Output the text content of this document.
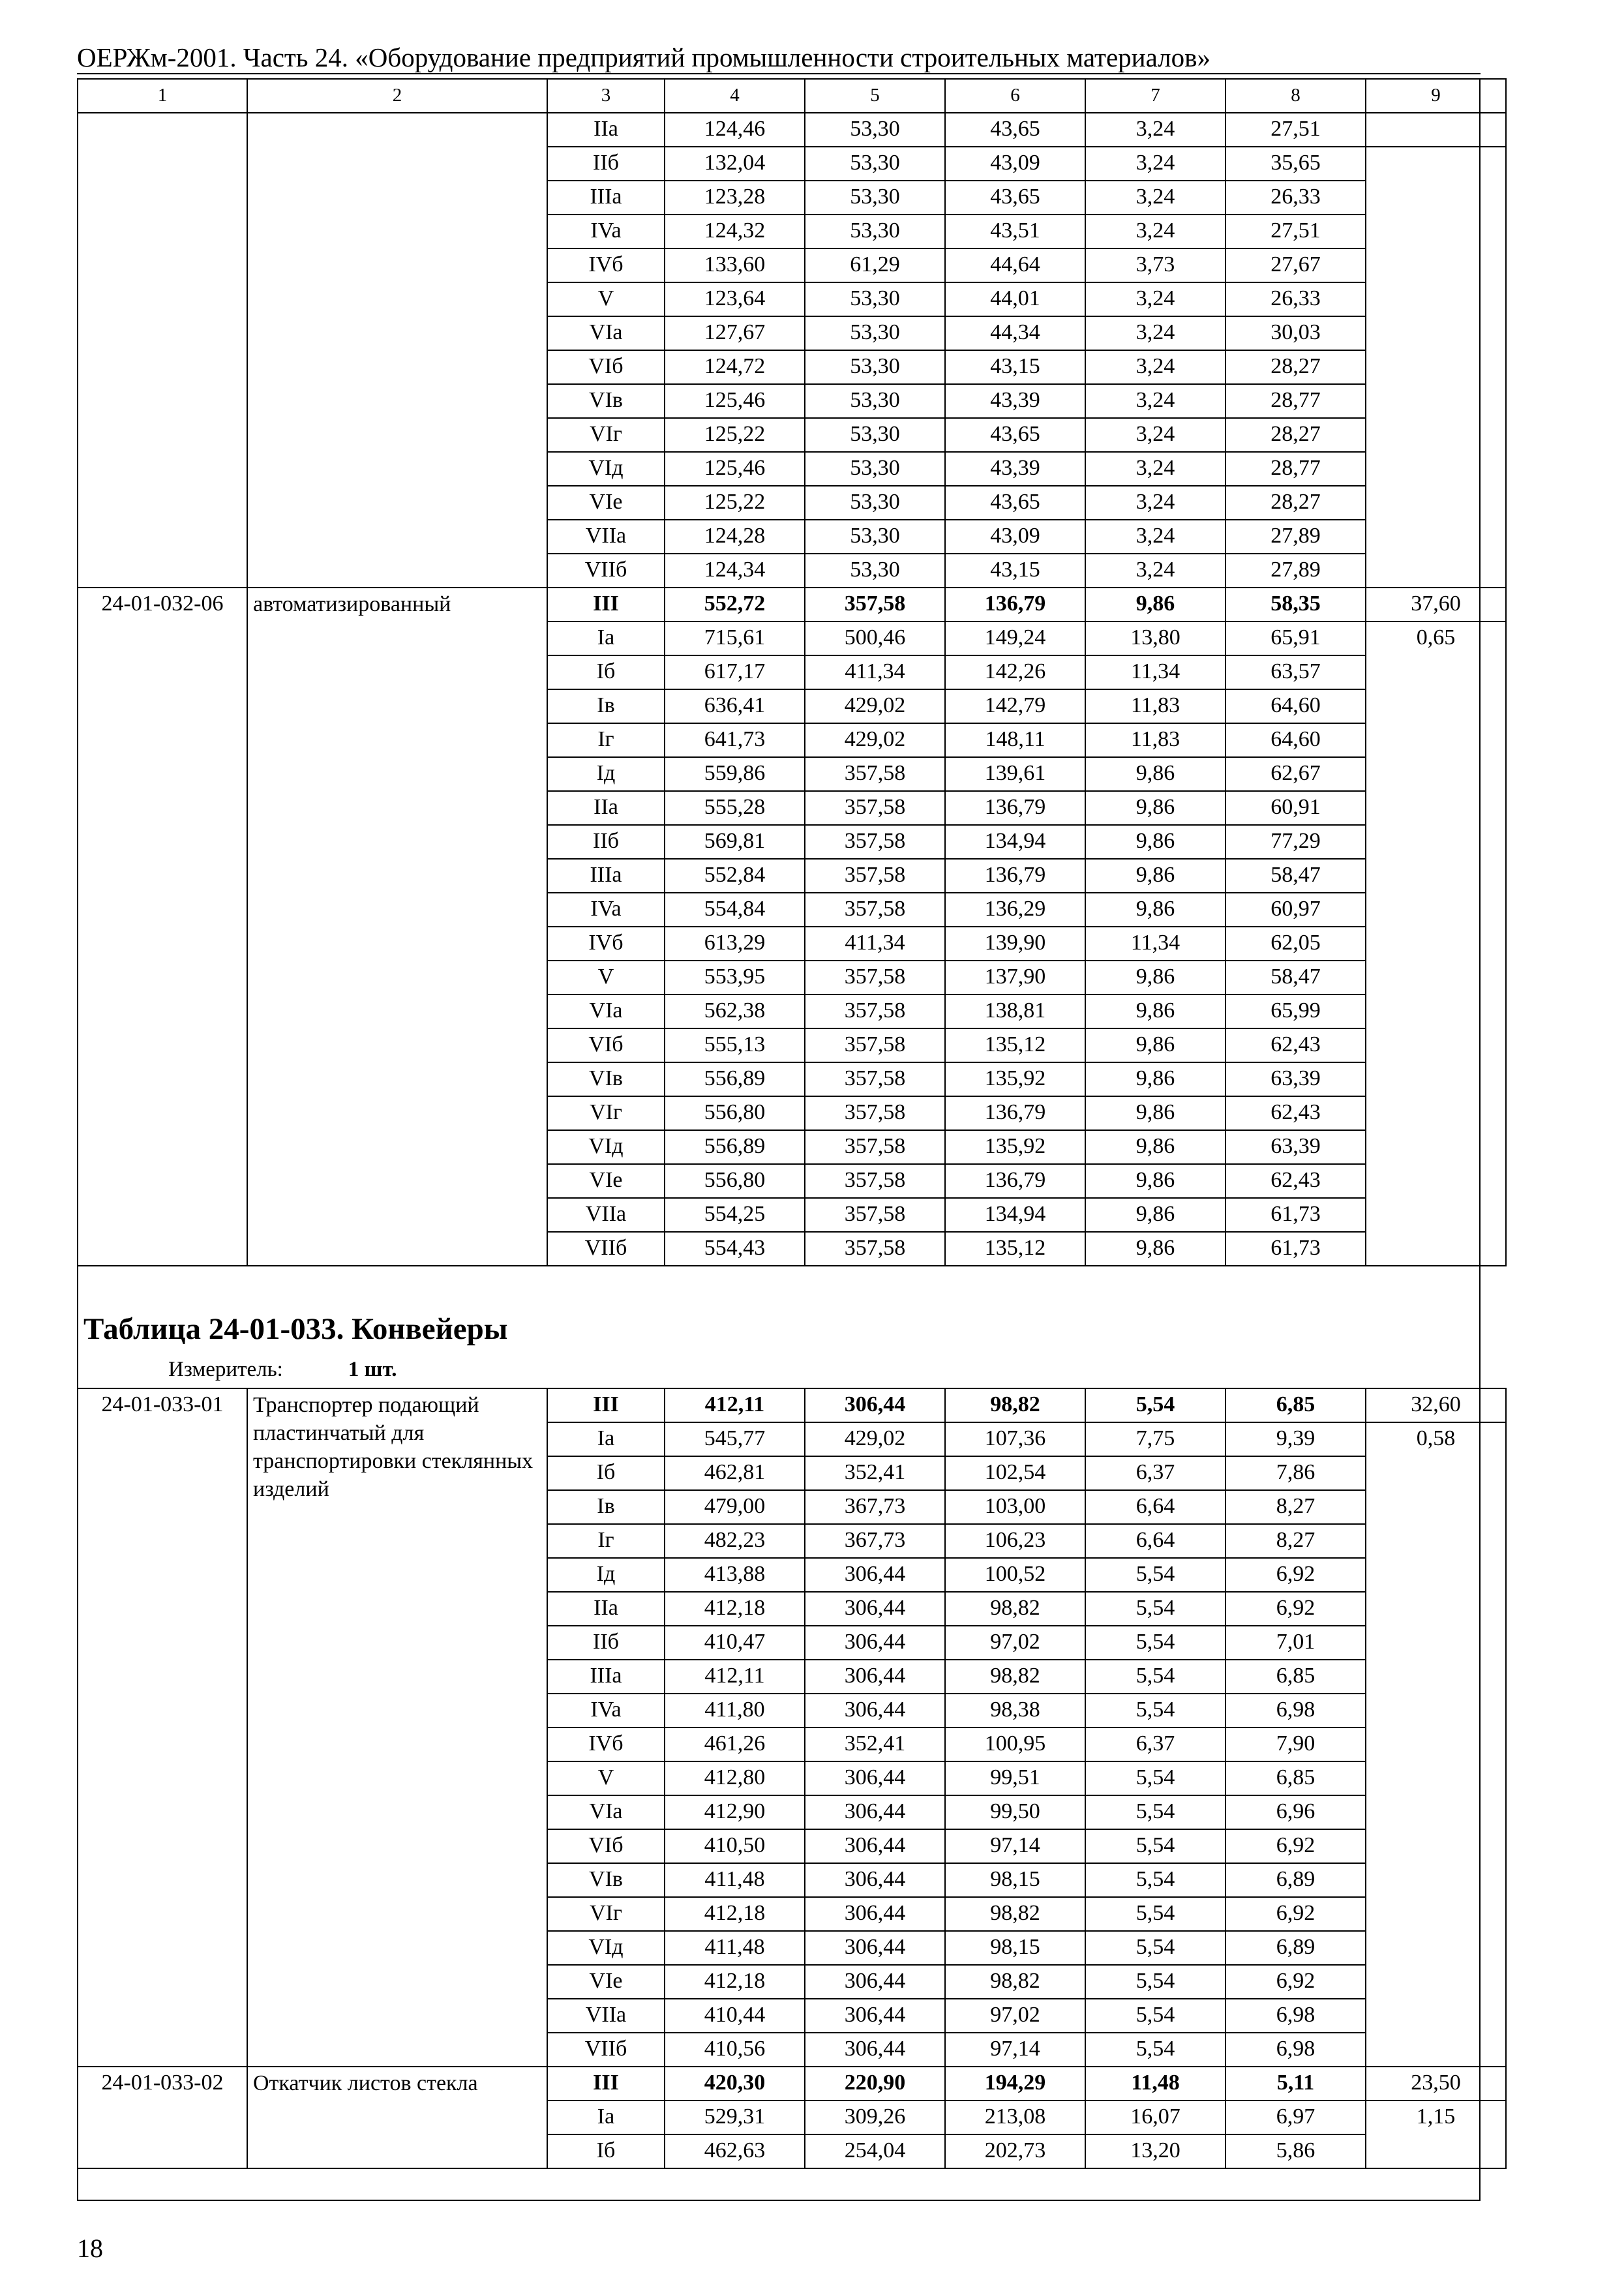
ОЕРЖм-2001. Часть 24. «Оборудование предприятий промышленности строительных материалов»
1	2	3	4	5	6	7	8	9
		IIa	124,46	53,30	43,65	3,24	27,51	
		IIб	132,04	53,30	43,09	3,24	35,65	
		IIIa	123,28	53,30	43,65	3,24	26,33	
		IVa	124,32	53,30	43,51	3,24	27,51	
		IVб	133,60	61,29	44,64	3,73	27,67	
		V	123,64	53,30	44,01	3,24	26,33	
		VIa	127,67	53,30	44,34	3,24	30,03	
		VIб	124,72	53,30	43,15	3,24	28,27	
		VIв	125,46	53,30	43,39	3,24	28,77	
		VIг	125,22	53,30	43,65	3,24	28,27	
		VIд	125,46	53,30	43,39	3,24	28,77	
		VIe	125,22	53,30	43,65	3,24	28,27	
		VIIa	124,28	53,30	43,09	3,24	27,89	
		VIIб	124,34	53,30	43,15	3,24	27,89	
24-01-032-06	автоматизированный	III	552,72	357,58	136,79	9,86	58,35	37,60
		Ia	715,61	500,46	149,24	13,80	65,91	0,65
		Iб	617,17	411,34	142,26	11,34	63,57	
		Iв	636,41	429,02	142,79	11,83	64,60	
		Iг	641,73	429,02	148,11	11,83	64,60	
		Iд	559,86	357,58	139,61	9,86	62,67	
		IIa	555,28	357,58	136,79	9,86	60,91	
		IIб	569,81	357,58	134,94	9,86	77,29	
		IIIa	552,84	357,58	136,79	9,86	58,47	
		IVa	554,84	357,58	136,29	9,86	60,97	
		IVб	613,29	411,34	139,90	11,34	62,05	
		V	553,95	357,58	137,90	9,86	58,47	
		VIa	562,38	357,58	138,81	9,86	65,99	
		VIб	555,13	357,58	135,12	9,86	62,43	
		VIв	556,89	357,58	135,92	9,86	63,39	
		VIг	556,80	357,58	136,79	9,86	62,43	
		VIд	556,89	357,58	135,92	9,86	63,39	
		VIe	556,80	357,58	136,79	9,86	62,43	
		VIIa	554,25	357,58	134,94	9,86	61,73	
		VIIб	554,43	357,58	135,12	9,86	61,73	
Таблица 24-01-033. Конвейеры
Измеритель:	1 шт.
24-01-033-01	Транспортер подающий пластинчатый для транспортировки стеклянных изделий	III	412,11	306,44	98,82	5,54	6,85	32,60
		Ia	545,77	429,02	107,36	7,75	9,39	0,58
		Iб	462,81	352,41	102,54	6,37	7,86	
		Iв	479,00	367,73	103,00	6,64	8,27	
		Iг	482,23	367,73	106,23	6,64	8,27	
		Iд	413,88	306,44	100,52	5,54	6,92	
		IIa	412,18	306,44	98,82	5,54	6,92	
		IIб	410,47	306,44	97,02	5,54	7,01	
		IIIa	412,11	306,44	98,82	5,54	6,85	
		IVa	411,80	306,44	98,38	5,54	6,98	
		IVб	461,26	352,41	100,95	6,37	7,90	
		V	412,80	306,44	99,51	5,54	6,85	
		VIa	412,90	306,44	99,50	5,54	6,96	
		VIб	410,50	306,44	97,14	5,54	6,92	
		VIв	411,48	306,44	98,15	5,54	6,89	
		VIг	412,18	306,44	98,82	5,54	6,92	
		VIд	411,48	306,44	98,15	5,54	6,89	
		VIe	412,18	306,44	98,82	5,54	6,92	
		VIIa	410,44	306,44	97,02	5,54	6,98	
		VIIб	410,56	306,44	97,14	5,54	6,98	
24-01-033-02	Откатчик листов стекла	III	420,30	220,90	194,29	11,48	5,11	23,50
		Ia	529,31	309,26	213,08	16,07	6,97	1,15
		Iб	462,63	254,04	202,73	13,20	5,86	
18
